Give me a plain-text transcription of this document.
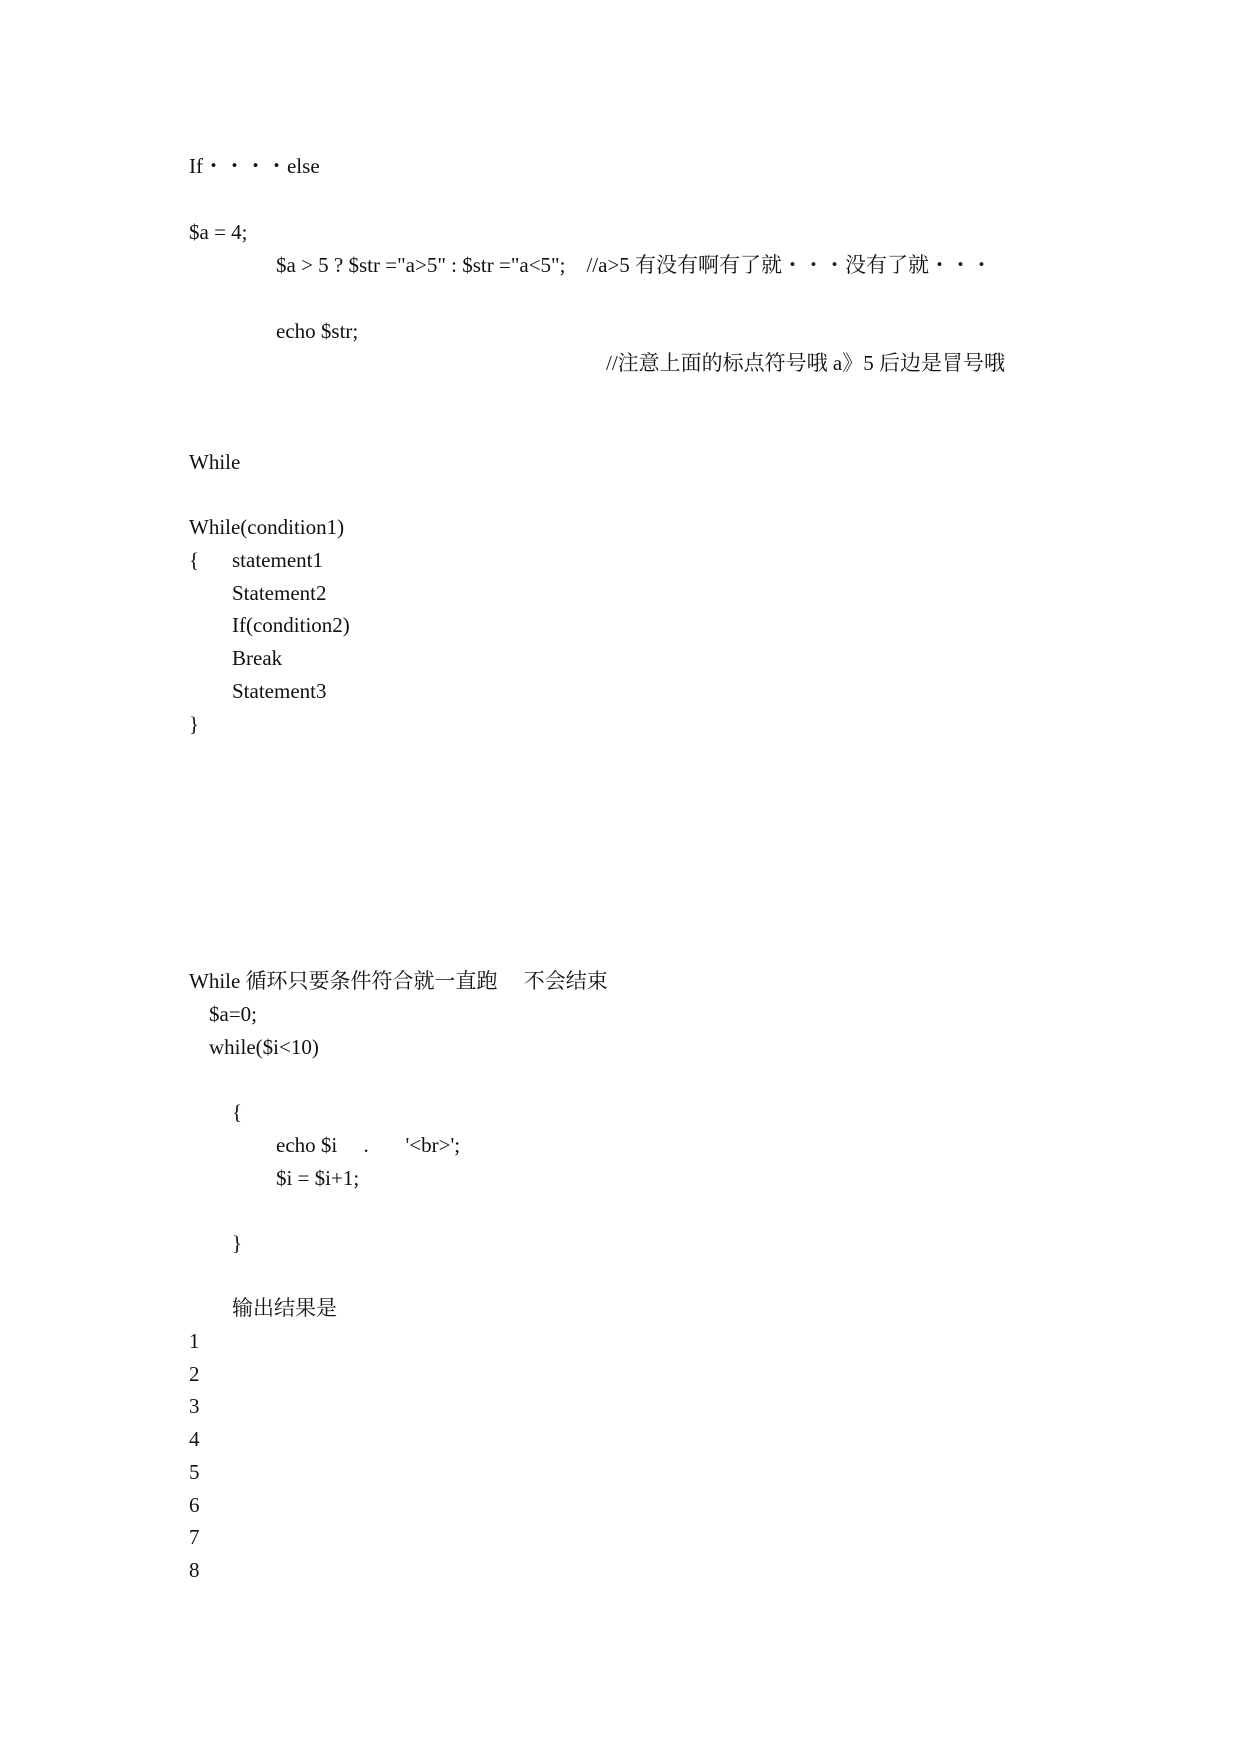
If・・・・else
$a = 4;
$a > 5 ? $str ="a>5" : $str ="a<5";    //a>5 有没有啊有了就・・・没有了就・・・
echo $str;
//注意上面的标点符号哦 a》5 后边是冒号哦
While
While(condition1)
{ statement1
Statement2
If(condition2)
Break
Statement3
}
While 循环只要条件符合就一直跑     不会结束
$a=0;
while($i<10)
{
echo $i     .       '<br>';
$i = $i+1;
}
输出结果是
1
2
3
4
5
6
7
8
